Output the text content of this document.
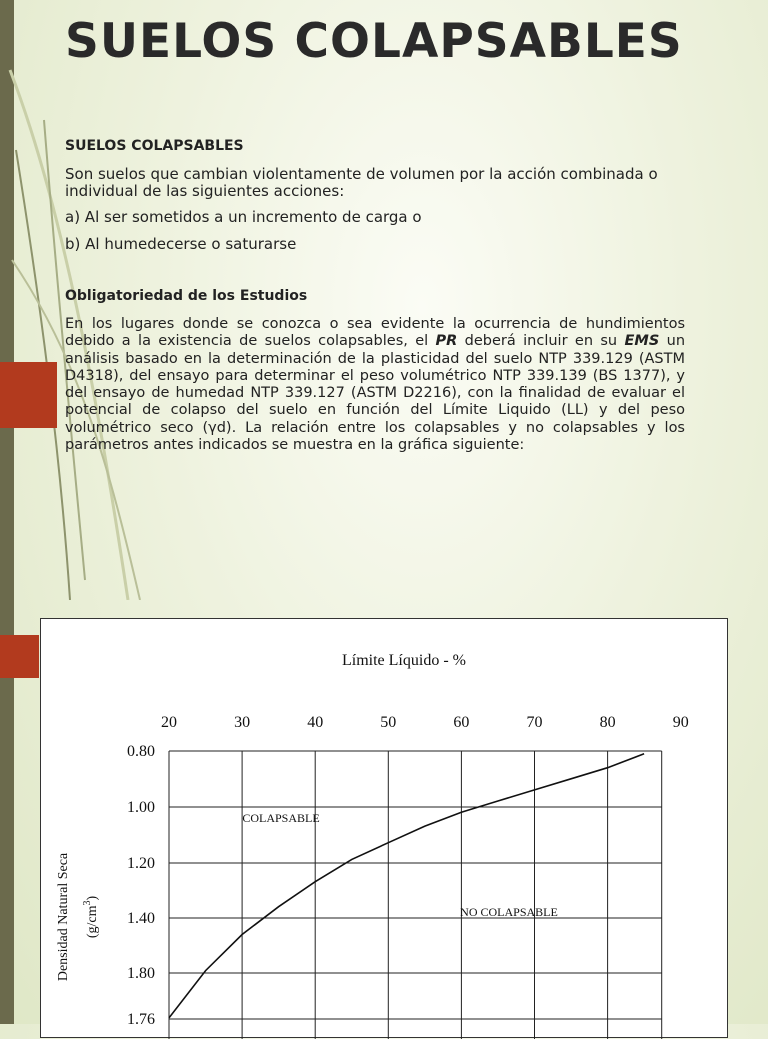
SUELOS COLAPSABLES

SUELOS COLAPSABLES

Son suelos que cambian violentamente de volumen por la acción combinada o individual de las siguientes acciones:

a) Al ser sometidos a un incremento de carga o

b) Al humedecerse o saturarse

Obligatoriedad de los Estudios

En los lugares donde se conozca o sea evidente la ocurrencia de hundimientos debido a la existencia de suelos colapsables, el PR deberá incluir en su EMS un análisis basado en la determinación de la plasticidad del suelo NTP 339.129 (ASTM D4318), del ensayo para determinar el peso volumétrico NTP 339.139 (BS 1377), y del ensayo de humedad NTP 339.127 (ASTM D2216), con la finalidad de evaluar el potencial de colapso del suelo en función del Límite Liquido (LL) y del peso volumétrico seco (γd). La relación entre los colapsables y no colapsables y los parámetros antes indicados se muestra en la gráfica siguiente:

Límite Líquido - %
20	30	40	50	60	70	80	90
0.80
1.00
1.20
1.40
1.80
1.76
COLAPSABLE
NO COLAPSABLE
Densidad Natural Seca $(g/cm^3)$
